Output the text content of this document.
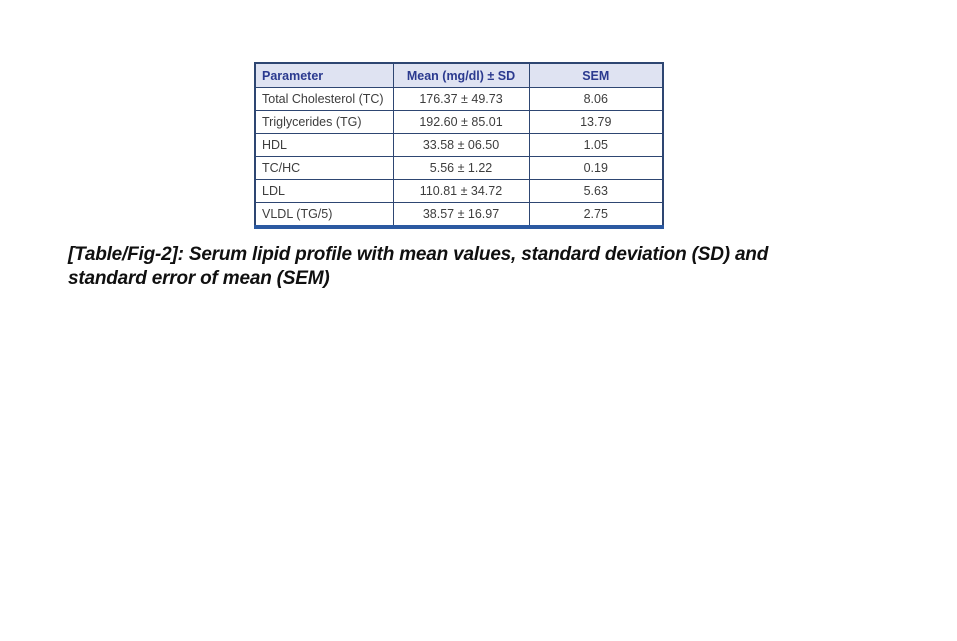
Parameter	Mean (mg/dl) ± SD	SEM
Total Cholesterol (TC)	176.37 ± 49.73	8.06
Triglycerides (TG)	192.60 ± 85.01	13.79
HDL	33.58 ± 06.50	1.05
TC/HC	5.56 ± 1.22	0.19
LDL	110.81 ± 34.72	5.63
VLDL (TG/5)	38.57 ± 16.97	2.75
[Table/Fig-2]: Serum lipid profile with mean values, standard deviation (SD) and standard error of mean (SEM)
